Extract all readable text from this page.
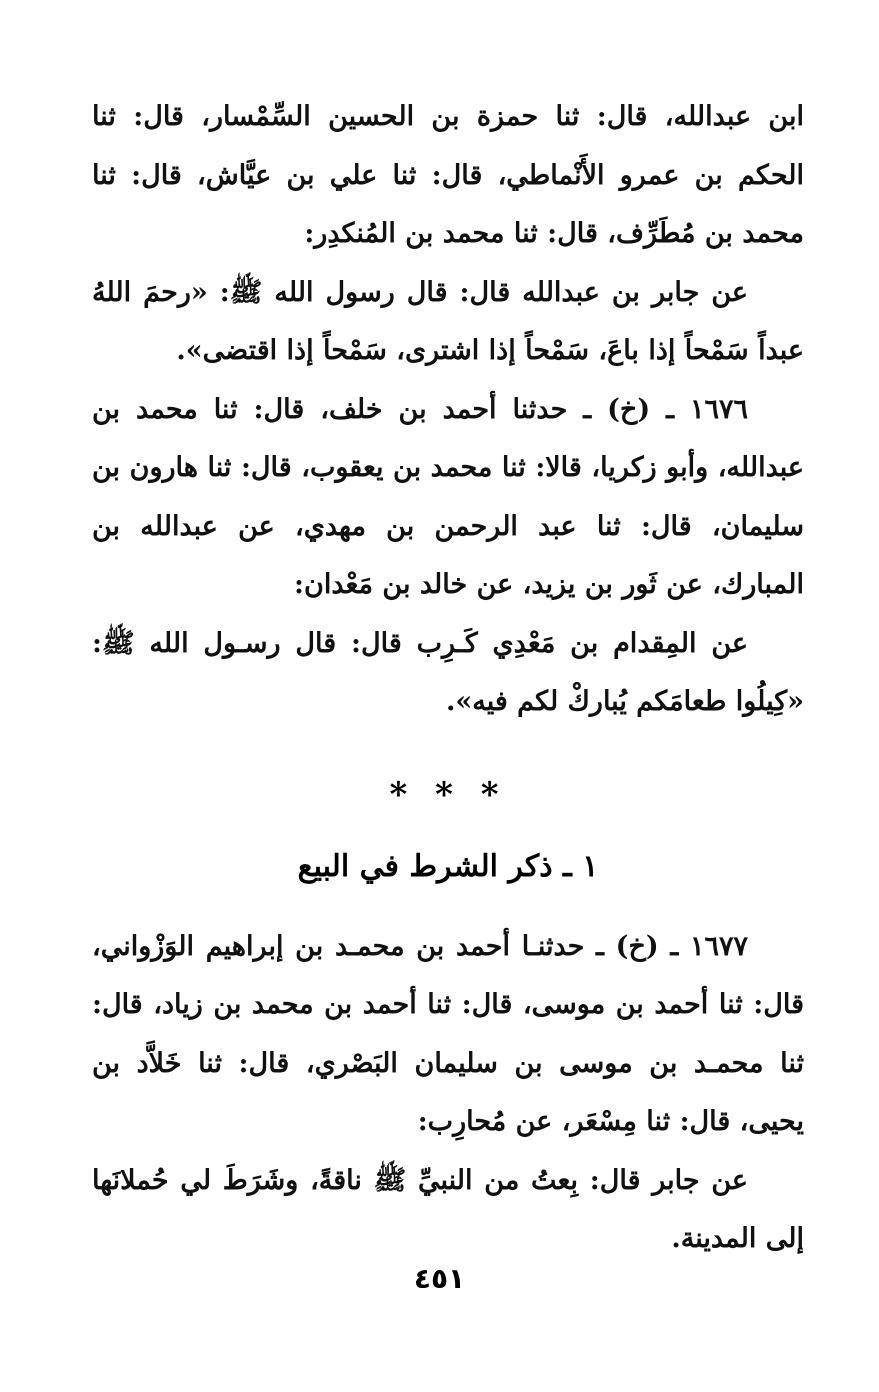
ابن عبدالله، قال: ثنا حمزة بن الحسين السِّمْسار، قال: ثنا الحكم بن عمرو الأَنْماطي، قال: ثنا علي بن عيَّاش، قال: ثنا محمد بن مُطَرِّف، قال: ثنا محمد بن المُنكدِر:

عن جابر بن عبدالله قال: قال رسول الله ﷺ: «رحمَ اللهُ عبداً سَمْحاً إذا باعَ، سَمْحاً إذا اشترى، سَمْحاً إذا اقتضى».

١٦٧٦ ـ (خ) ـ حدثنا أحمد بن خلف، قال: ثنا محمد بن عبدالله، وأبو زكريا، قالا: ثنا محمد بن يعقوب، قال: ثنا هارون بن سليمان، قال: ثنا عبد الرحمن بن مهدي، عن عبدالله بن المبارك، عن ثَور بن يزيد، عن خالد بن مَعْدان:

عن المِقدام بن مَعْدِي كَـرِب قال: قال رسـول الله ﷺ: «كِيلُوا طعامَكم يُباركْ لكم فيه».

* * *
١ ـ ذكر الشرط في البيع

١٦٧٧ ـ (خ) ـ حدثنـا أحمد بن محمـد بن إبراهيم الوَزْواني، قال: ثنا أحمد بن موسى، قال: ثنا أحمد بن محمد بن زياد، قال: ثنا محمـد بن موسى بن سليمان البَصْري، قال: ثنا خَلاَّد بن يحيى، قال: ثنا مِسْعَر، عن مُحارِب:

عن جابر قال: بِعتُ من النبيِّ ﷺ ناقةً، وشَرَطَ لي حُملانَها إلى المدينة.

٤٥١
